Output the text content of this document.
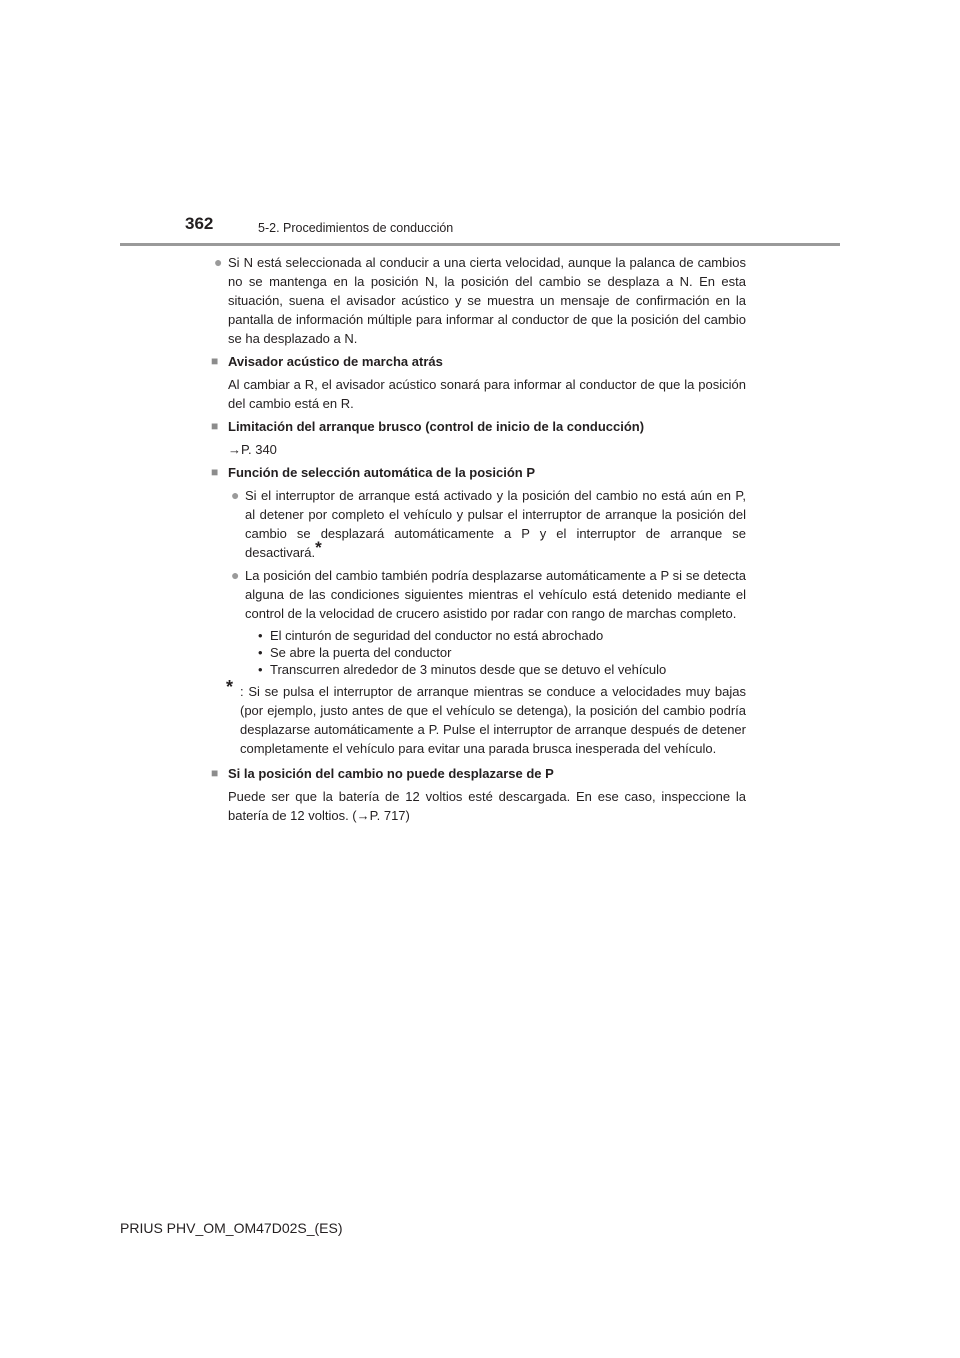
362	5-2. Procedimientos de conducción
● Si N está seleccionada al conducir a una cierta velocidad, aunque la palanca de cambios no se mantenga en la posición N, la posición del cambio se desplaza a N. En esta situación, suena el avisador acústico y se muestra un mensaje de confirmación en la pantalla de información múltiple para informar al conductor de que la posición del cambio se ha desplazado a N.
■ Avisador acústico de marcha atrás
Al cambiar a R, el avisador acústico sonará para informar al conductor de que la posición del cambio está en R.
■ Limitación del arranque brusco (control de inicio de la conducción)
→P. 340
■ Función de selección automática de la posición P
● Si el interruptor de arranque está activado y la posición del cambio no está aún en P, al detener por completo el vehículo y pulsar el interruptor de arranque la posición del cambio se desplazará automáticamente a P y el interruptor de arranque se desactivará.*
● La posición del cambio también podría desplazarse automáticamente a P si se detecta alguna de las condiciones siguientes mientras el vehículo está detenido mediante el control de la velocidad de crucero asistido por radar con rango de marchas completo.
• El cinturón de seguridad del conductor no está abrochado
• Se abre la puerta del conductor
• Transcurren alrededor de 3 minutos desde que se detuvo el vehículo
* : Si se pulsa el interruptor de arranque mientras se conduce a velocidades muy bajas (por ejemplo, justo antes de que el vehículo se detenga), la posición del cambio podría desplazarse automáticamente a P. Pulse el interruptor de arranque después de detener completamente el vehículo para evitar una parada brusca inesperada del vehículo.
■ Si la posición del cambio no puede desplazarse de P
Puede ser que la batería de 12 voltios esté descargada. En ese caso, inspeccione la batería de 12 voltios. (→P. 717)
PRIUS PHV_OM_OM47D02S_(ES)
